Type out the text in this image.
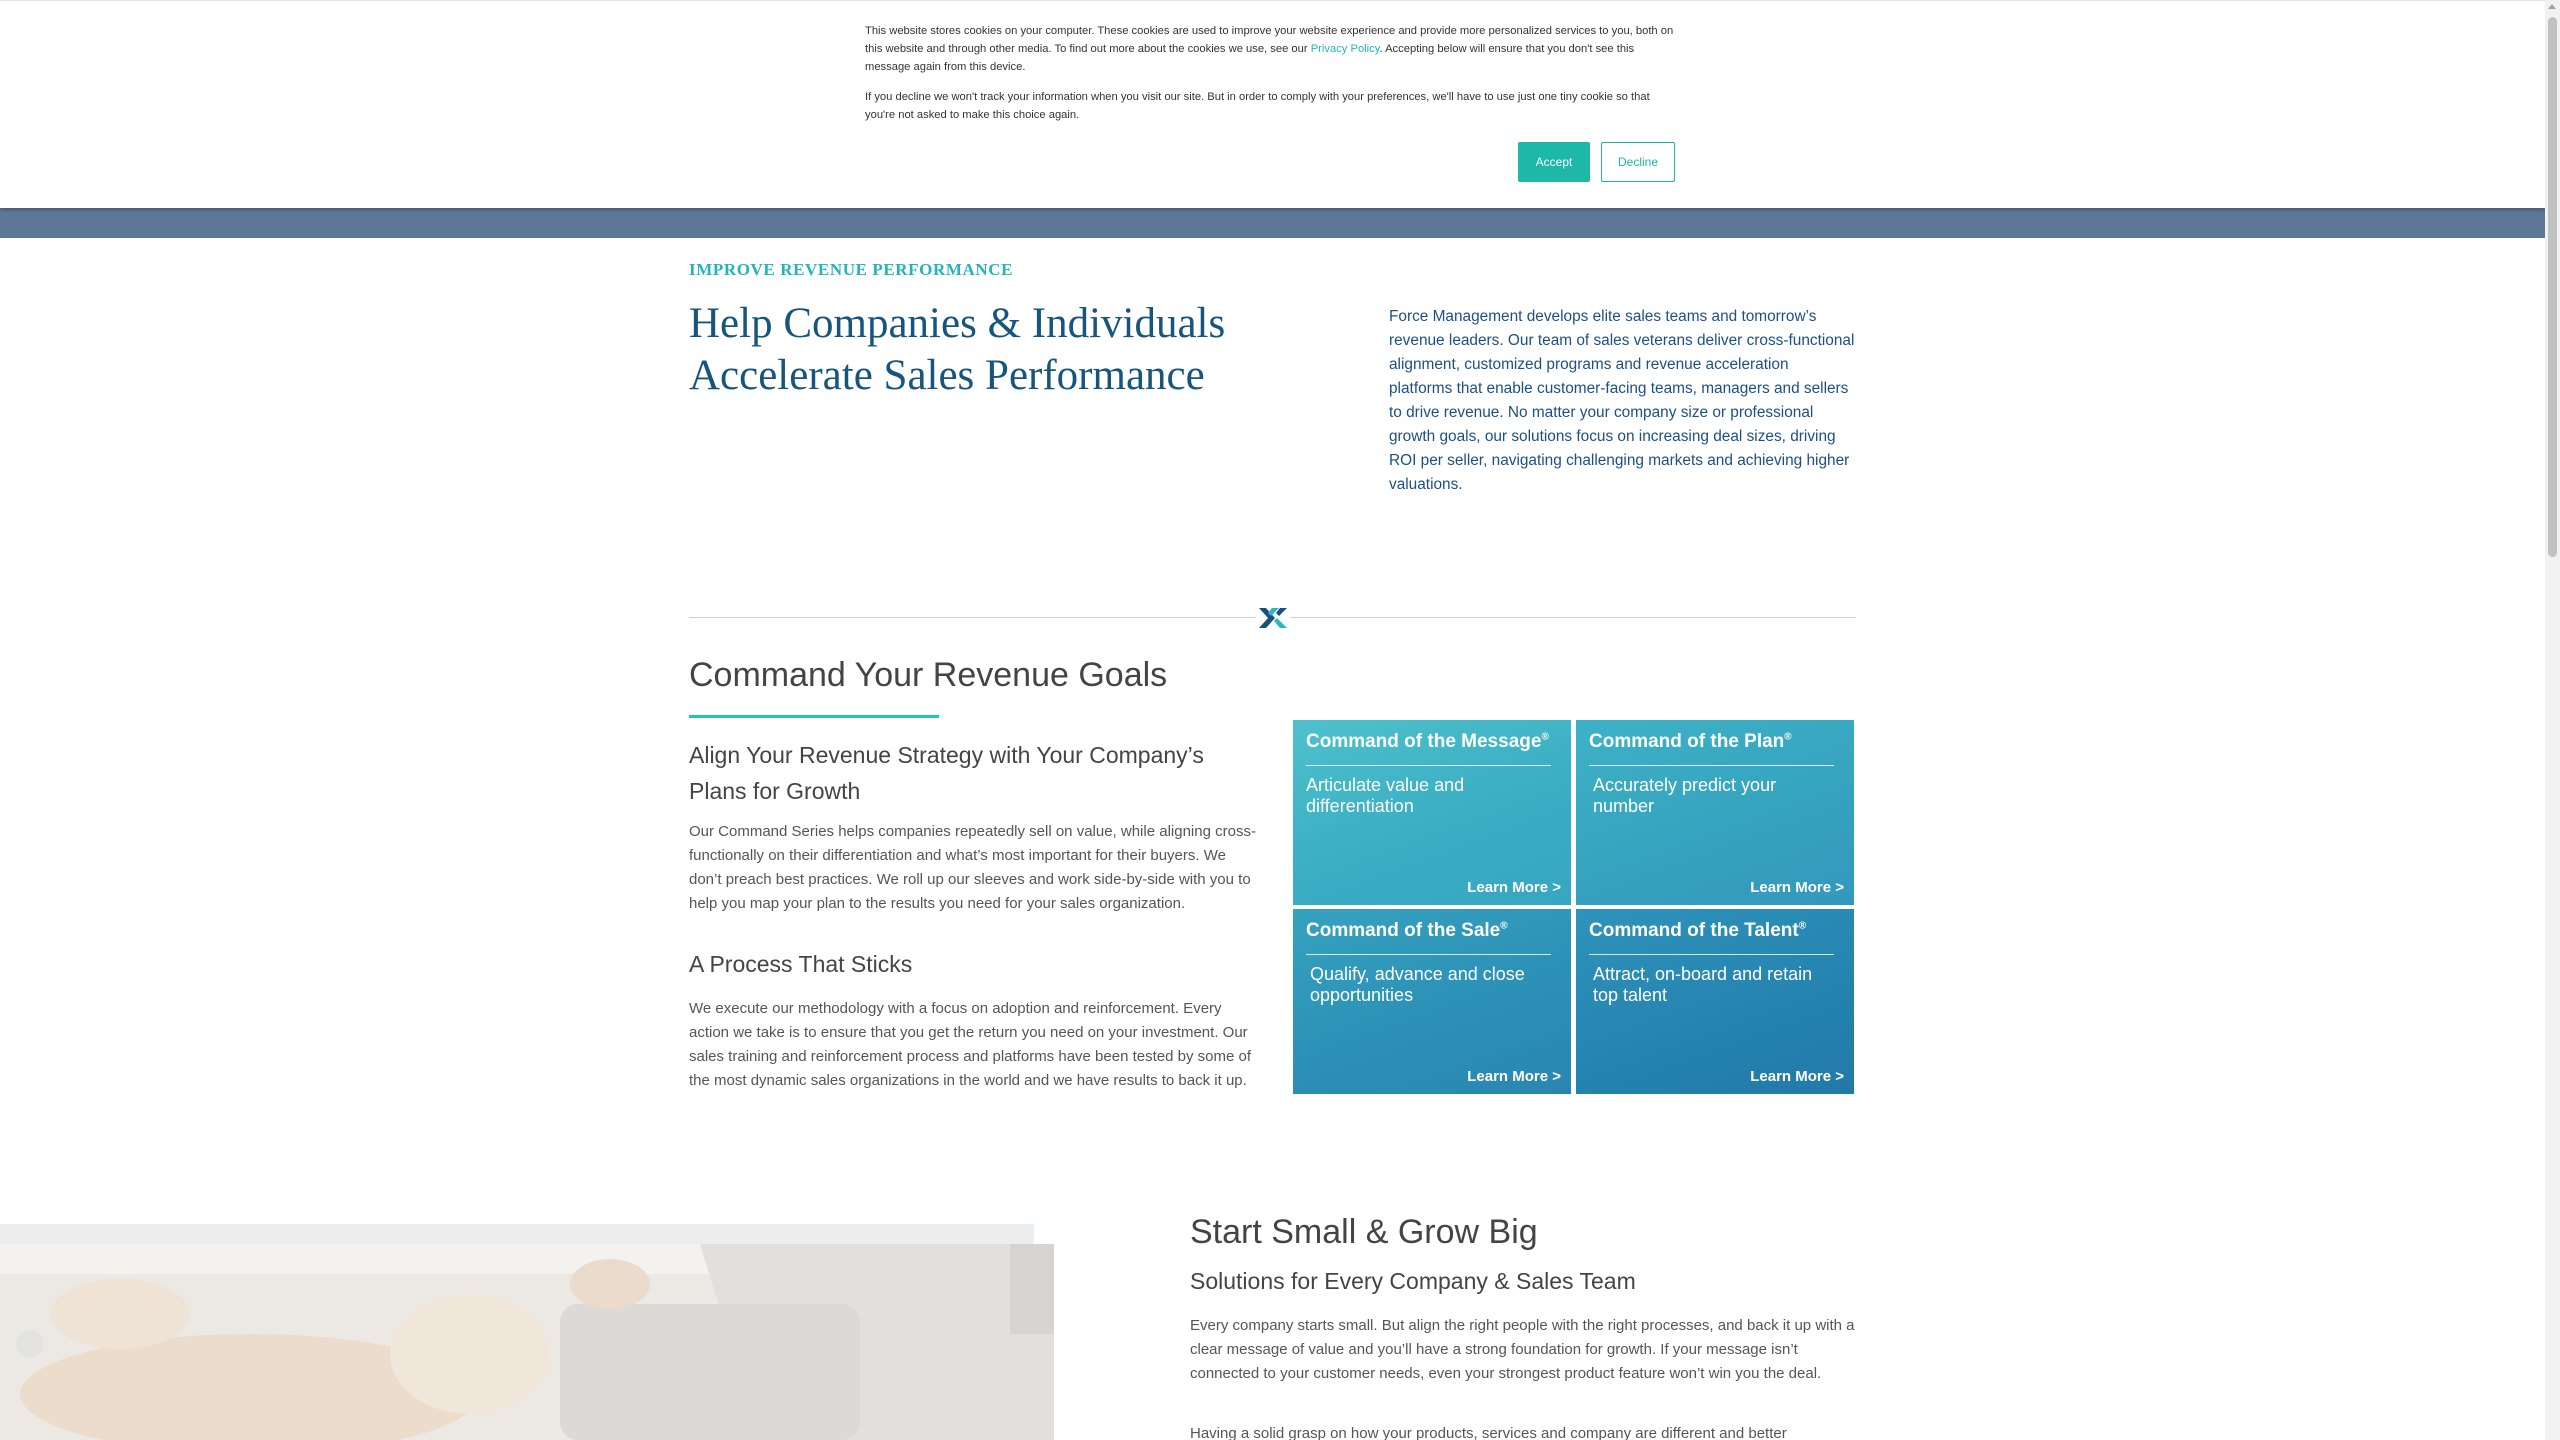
This website stores cookies on your computer. These cookies are used to improve your website experience and provide more personalized services to you, both on this website and through other media. To find out more about the cookies we use, see our Privacy Policy. Accepting below will ensure that you don't see this message again from this device.

If you decline we won't track your information when you visit our site. But in order to comply with your preferences, we'll have to use just one tiny cookie so that you're not asked to make this choice again.

Accept	Decline
IMPROVE REVENUE PERFORMANCE
Help Companies & Individuals Accelerate Sales Performance

Force Management develops elite sales teams and tomorrow’s revenue leaders. Our team of sales veterans deliver cross-functional alignment, customized programs and revenue acceleration platforms that enable customer-facing teams, managers and sellers to drive revenue. No matter your company size or professional growth goals, our solutions focus on increasing deal sizes, driving ROI per seller, navigating challenging markets and achieving higher valuations.

Command Your Revenue Goals
Align Your Revenue Strategy with Your Company’s Plans for Growth

Our Command Series helps companies repeatedly sell on value, while aligning cross-functionally on their differentiation and what’s most important for their buyers. We don’t preach best practices. We roll up our sleeves and work side-by-side with you to help you map your plan to the results you need for your sales organization.

A Process That Sticks

We execute our methodology with a focus on adoption and reinforcement. Every action we take is to ensure that you get the return you need on your investment. Our sales training and reinforcement process and platforms have been tested by some of the most dynamic sales organizations in the world and we have results to back it up.

Command of the Message®
Articulate value and differentiation
Learn More >
Command of the Plan®
Accurately predict your number
Learn More >
Command of the Sale®
Qualify, advance and close opportunities
Learn More >
Command of the Talent®
Attract, on-board and retain top talent
Learn More >
Start Small & Grow Big
Solutions for Every Company & Sales Team

Every company starts small. But align the right people with the right processes, and back it up with a clear message of value and you’ll have a strong foundation for growth. If your message isn’t connected to your customer needs, even your strongest product feature won’t win you the deal.

Having a solid grasp on how your products, services and company are different and better
